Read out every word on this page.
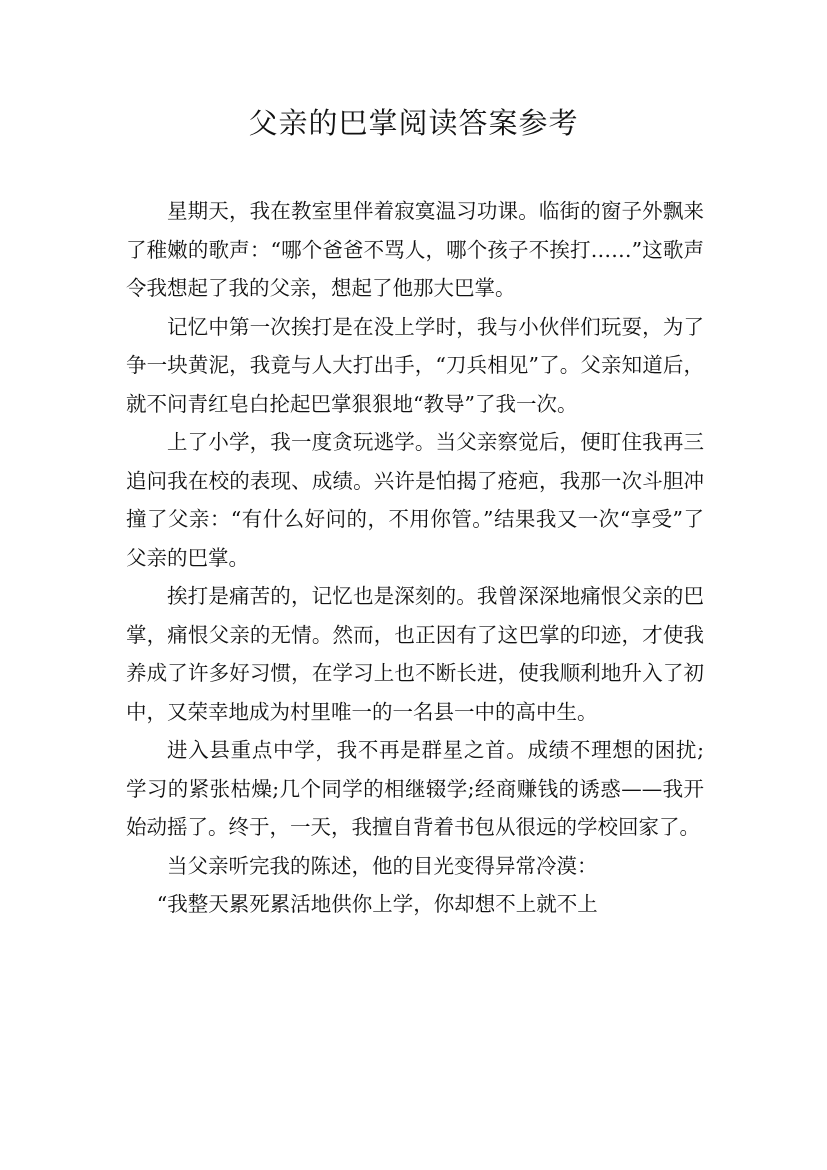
父亲的巴掌阅读答案参考

星期天，我在教室里伴着寂寞温习功课。临街的窗子外飘来了稚嫩的歌声：“哪个爸爸不骂人，哪个孩子不挨打……”这歌声令我想起了我的父亲，想起了他那大巴掌。

记忆中第一次挨打是在没上学时，我与小伙伴们玩耍，为了争一块黄泥，我竟与人大打出手，“刀兵相见”了。父亲知道后，就不问青红皂白抡起巴掌狠狠地“教导”了我一次。

上了小学，我一度贪玩逃学。当父亲察觉后，便盯住我再三追问我在校的表现、成绩。兴许是怕揭了疮疤，我那一次斗胆冲撞了父亲：“有什么好问的，不用你管。”结果我又一次“享受”了父亲的巴掌。

挨打是痛苦的，记忆也是深刻的。我曾深深地痛恨父亲的巴掌，痛恨父亲的无情。然而，也正因有了这巴掌的印迹，才使我养成了许多好习惯，在学习上也不断长进，使我顺利地升入了初中，又荣幸地成为村里唯一的一名县一中的高中生。

进入县重点中学，我不再是群星之首。成绩不理想的困扰;学习的紧张枯燥;几个同学的相继辍学;经商赚钱的诱惑——我开始动摇了。终于，一天，我擅自背着书包从很远的学校回家了。

当父亲听完我的陈述，他的目光变得异常冷漠：

“我整天累死累活地供你上学，你却想不上就不上
